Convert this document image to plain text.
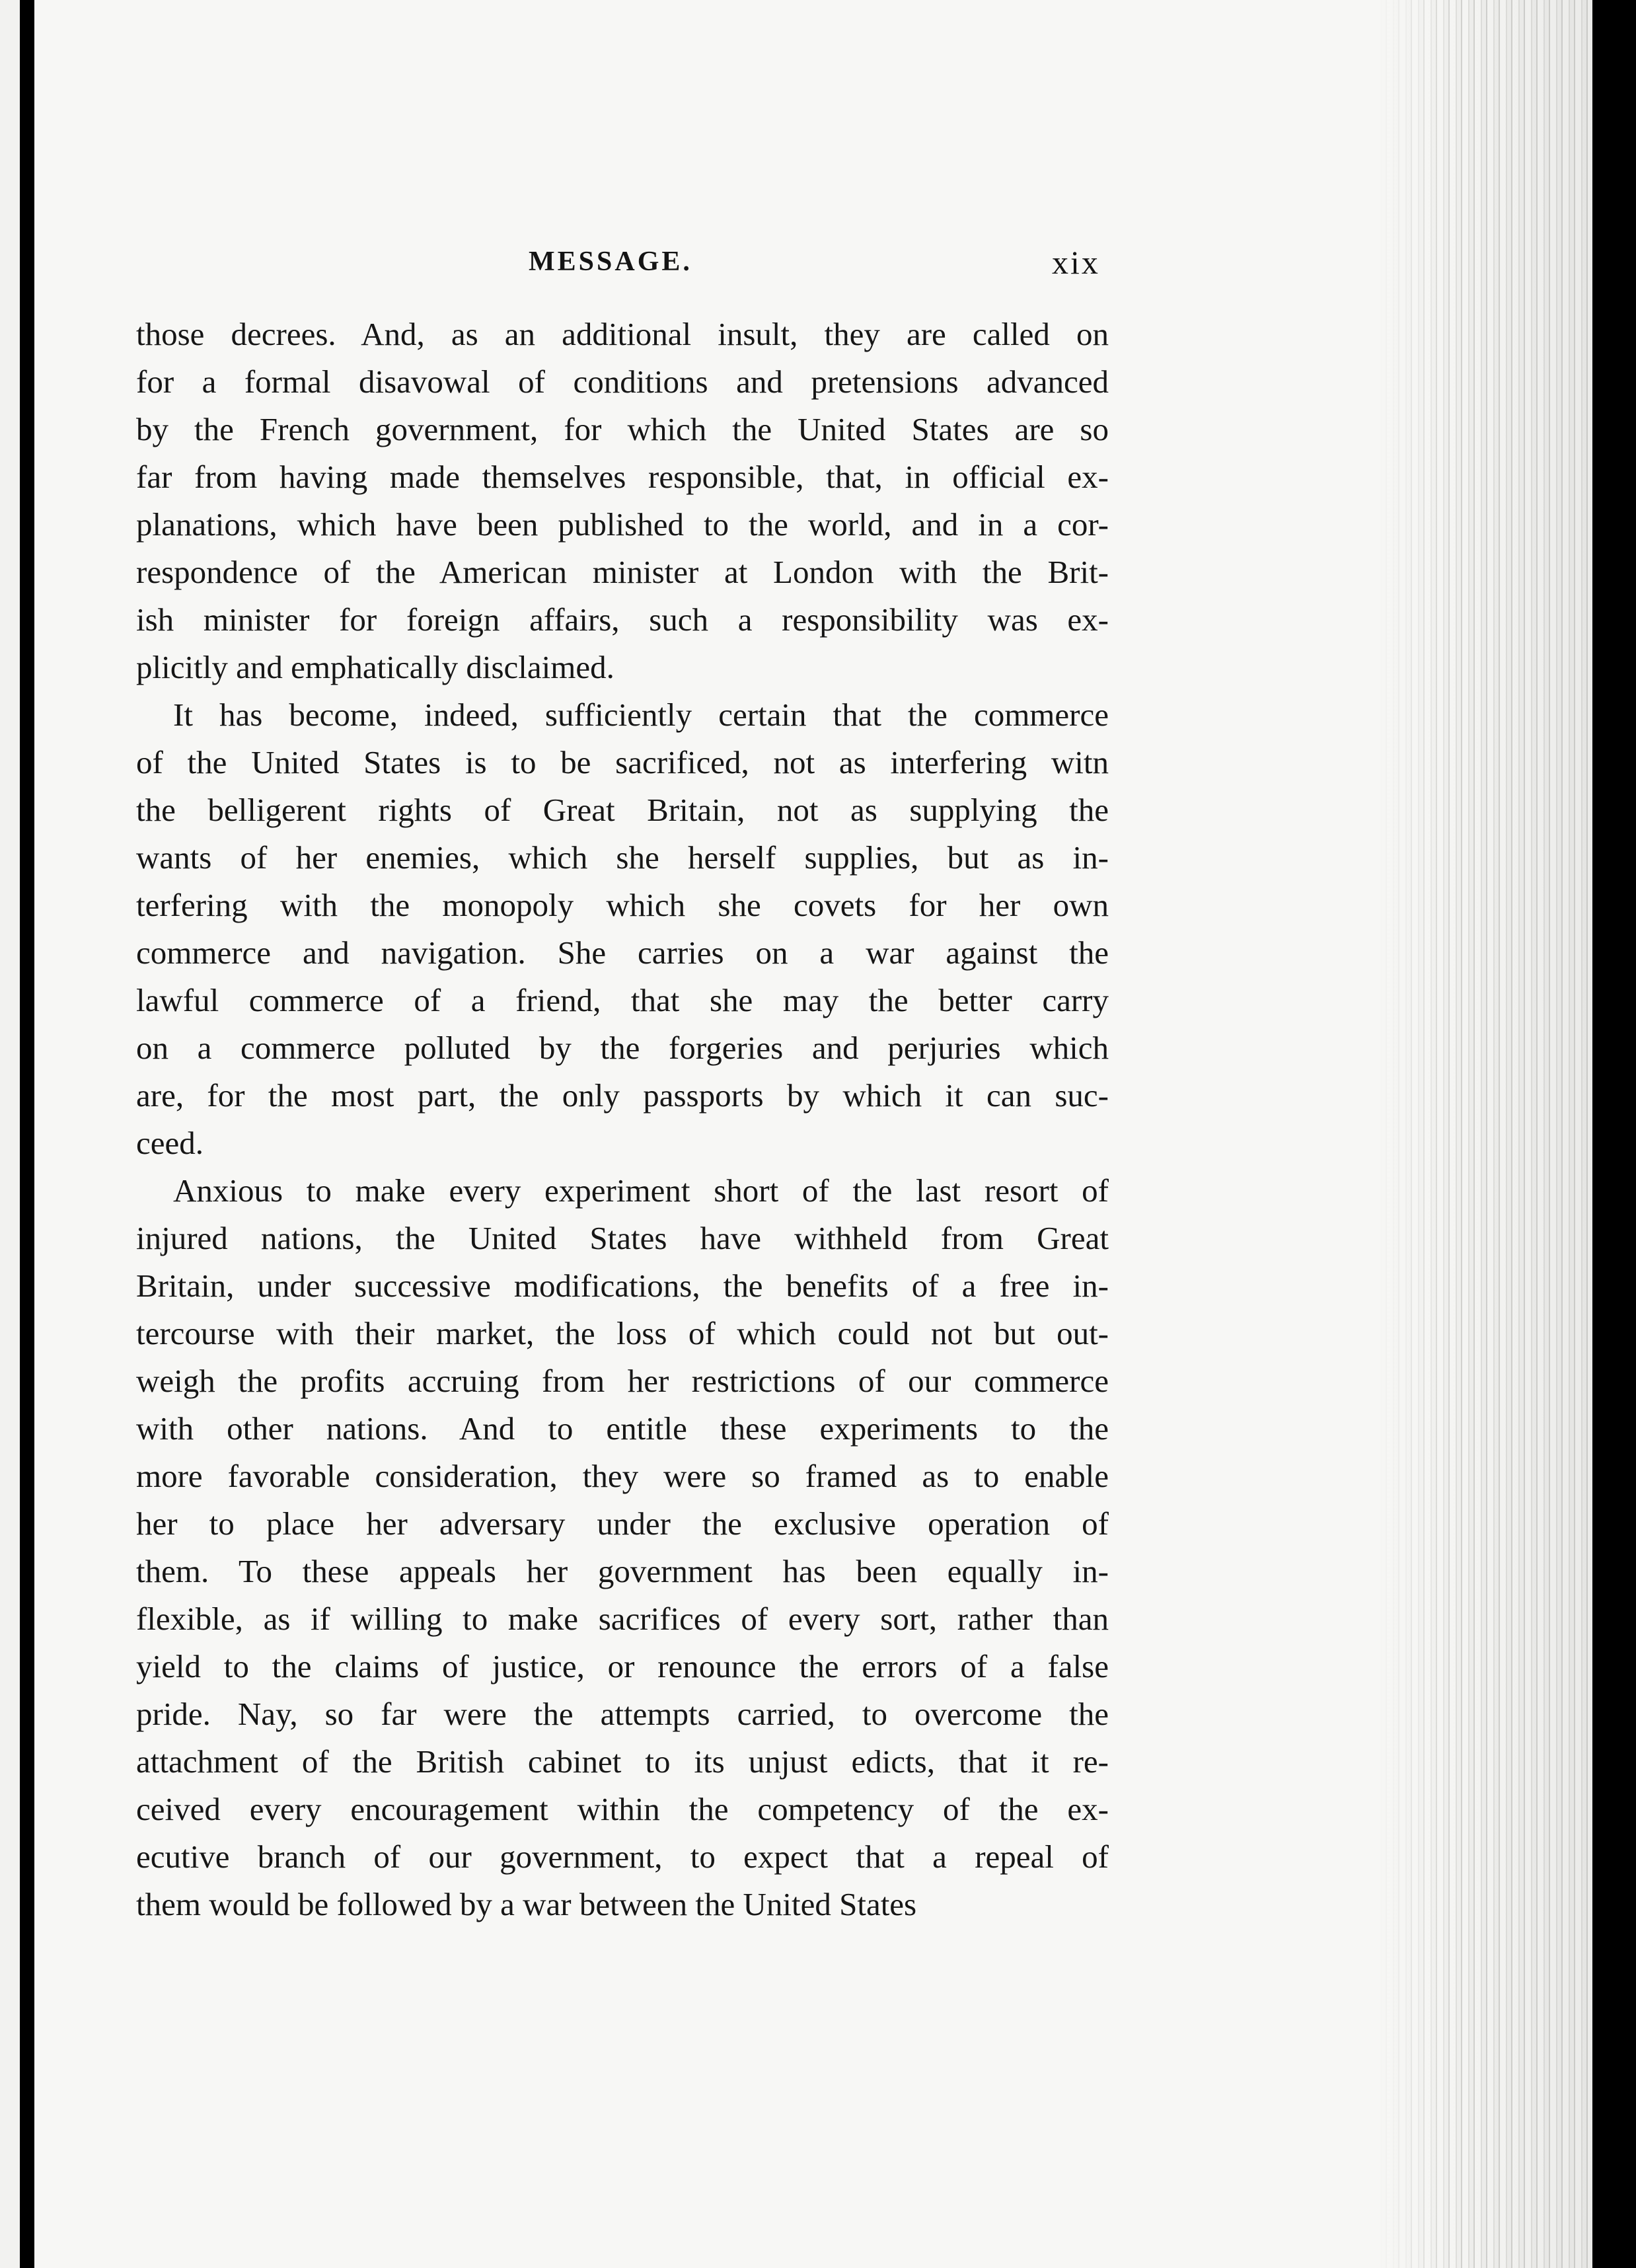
MESSAGE.	xix
those decrees. And, as an additional insult, they are called on
for a formal disavowal of conditions and pretensions advanced
by the French government, for which the United States are so
far from having made themselves responsible, that, in official ex-
planations, which have been published to the world, and in a cor-
respondence of the American minister at London with the Brit-
ish minister for foreign affairs, such a responsibility was ex-
plicitly and emphatically disclaimed.
It has become, indeed, sufficiently certain that the commerce
of the United States is to be sacrificed, not as interfering witn
the belligerent rights of Great Britain, not as supplying the
wants of her enemies, which she herself supplies, but as in-
terfering with the monopoly which she covets for her own
commerce and navigation. She carries on a war against the
lawful commerce of a friend, that she may the better carry
on a commerce polluted by the forgeries and perjuries which
are, for the most part, the only passports by which it can suc-
ceed.
Anxious to make every experiment short of the last resort of
injured nations, the United States have withheld from Great
Britain, under successive modifications, the benefits of a free in-
tercourse with their market, the loss of which could not but out-
weigh the profits accruing from her restrictions of our commerce
with other nations. And to entitle these experiments to the
more favorable consideration, they were so framed as to enable
her to place her adversary under the exclusive operation of
them. To these appeals her government has been equally in-
flexible, as if willing to make sacrifices of every sort, rather than
yield to the claims of justice, or renounce the errors of a false
pride. Nay, so far were the attempts carried, to overcome the
attachment of the British cabinet to its unjust edicts, that it re-
ceived every encouragement within the competency of the ex-
ecutive branch of our government, to expect that a repeal of
them would be followed by a war between the United States
